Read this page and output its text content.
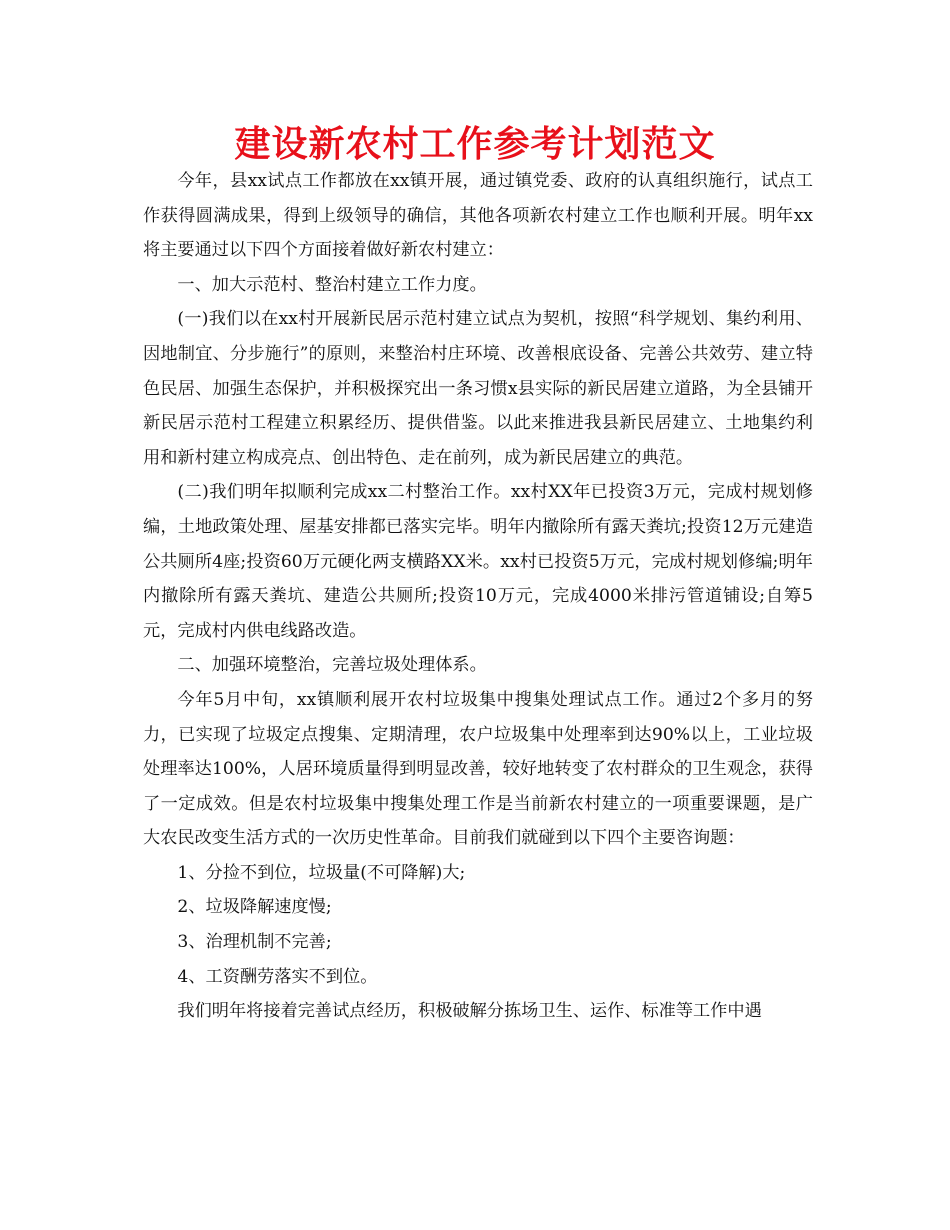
建设新农村工作参考计划范文

今年，县xx试点工作都放在xx镇开展，通过镇党委、政府的认真组织施行，试点工作获得圆满成果，得到上级领导的确信，其他各项新农村建立工作也顺利开展。明年xx将主要通过以下四个方面接着做好新农村建立：

一、加大示范村、整治村建立工作力度。

(一)我们以在xx村开展新民居示范村建立试点为契机，按照“科学规划、集约利用、因地制宜、分步施行”的原则，来整治村庄环境、改善根底设备、完善公共效劳、建立特色民居、加强生态保护，并积极探究出一条习惯x县实际的新民居建立道路，为全县铺开新民居示范村工程建立积累经历、提供借鉴。以此来推进我县新民居建立、土地集约利用和新村建立构成亮点、创出特色、走在前列，成为新民居建立的典范。

(二)我们明年拟顺利完成xx二村整治工作。xx村XX年已投资3万元，完成村规划修编，土地政策处理、屋基安排都已落实完毕。明年内撤除所有露天粪坑;投资12万元建造公共厕所4座;投资60万元硬化两支横路XX米。xx村已投资5万元，完成村规划修编;明年内撤除所有露天粪坑、建造公共厕所;投资10万元，完成4000米排污管道铺设;自筹5元，完成村内供电线路改造。

二、加强环境整治，完善垃圾处理体系。

今年5月中旬，xx镇顺利展开农村垃圾集中搜集处理试点工作。通过2个多月的努力，已实现了垃圾定点搜集、定期清理，农户垃圾集中处理率到达90%以上，工业垃圾处理率达100%，人居环境质量得到明显改善，较好地转变了农村群众的卫生观念，获得了一定成效。但是农村垃圾集中搜集处理工作是当前新农村建立的一项重要课题，是广大农民改变生活方式的一次历史性革命。目前我们就碰到以下四个主要咨询题：

1、分捡不到位，垃圾量(不可降解)大;

2、垃圾降解速度慢;

3、治理机制不完善;

4、工资酬劳落实不到位。

我们明年将接着完善试点经历，积极破解分拣场卫生、运作、标准等工作中遇
